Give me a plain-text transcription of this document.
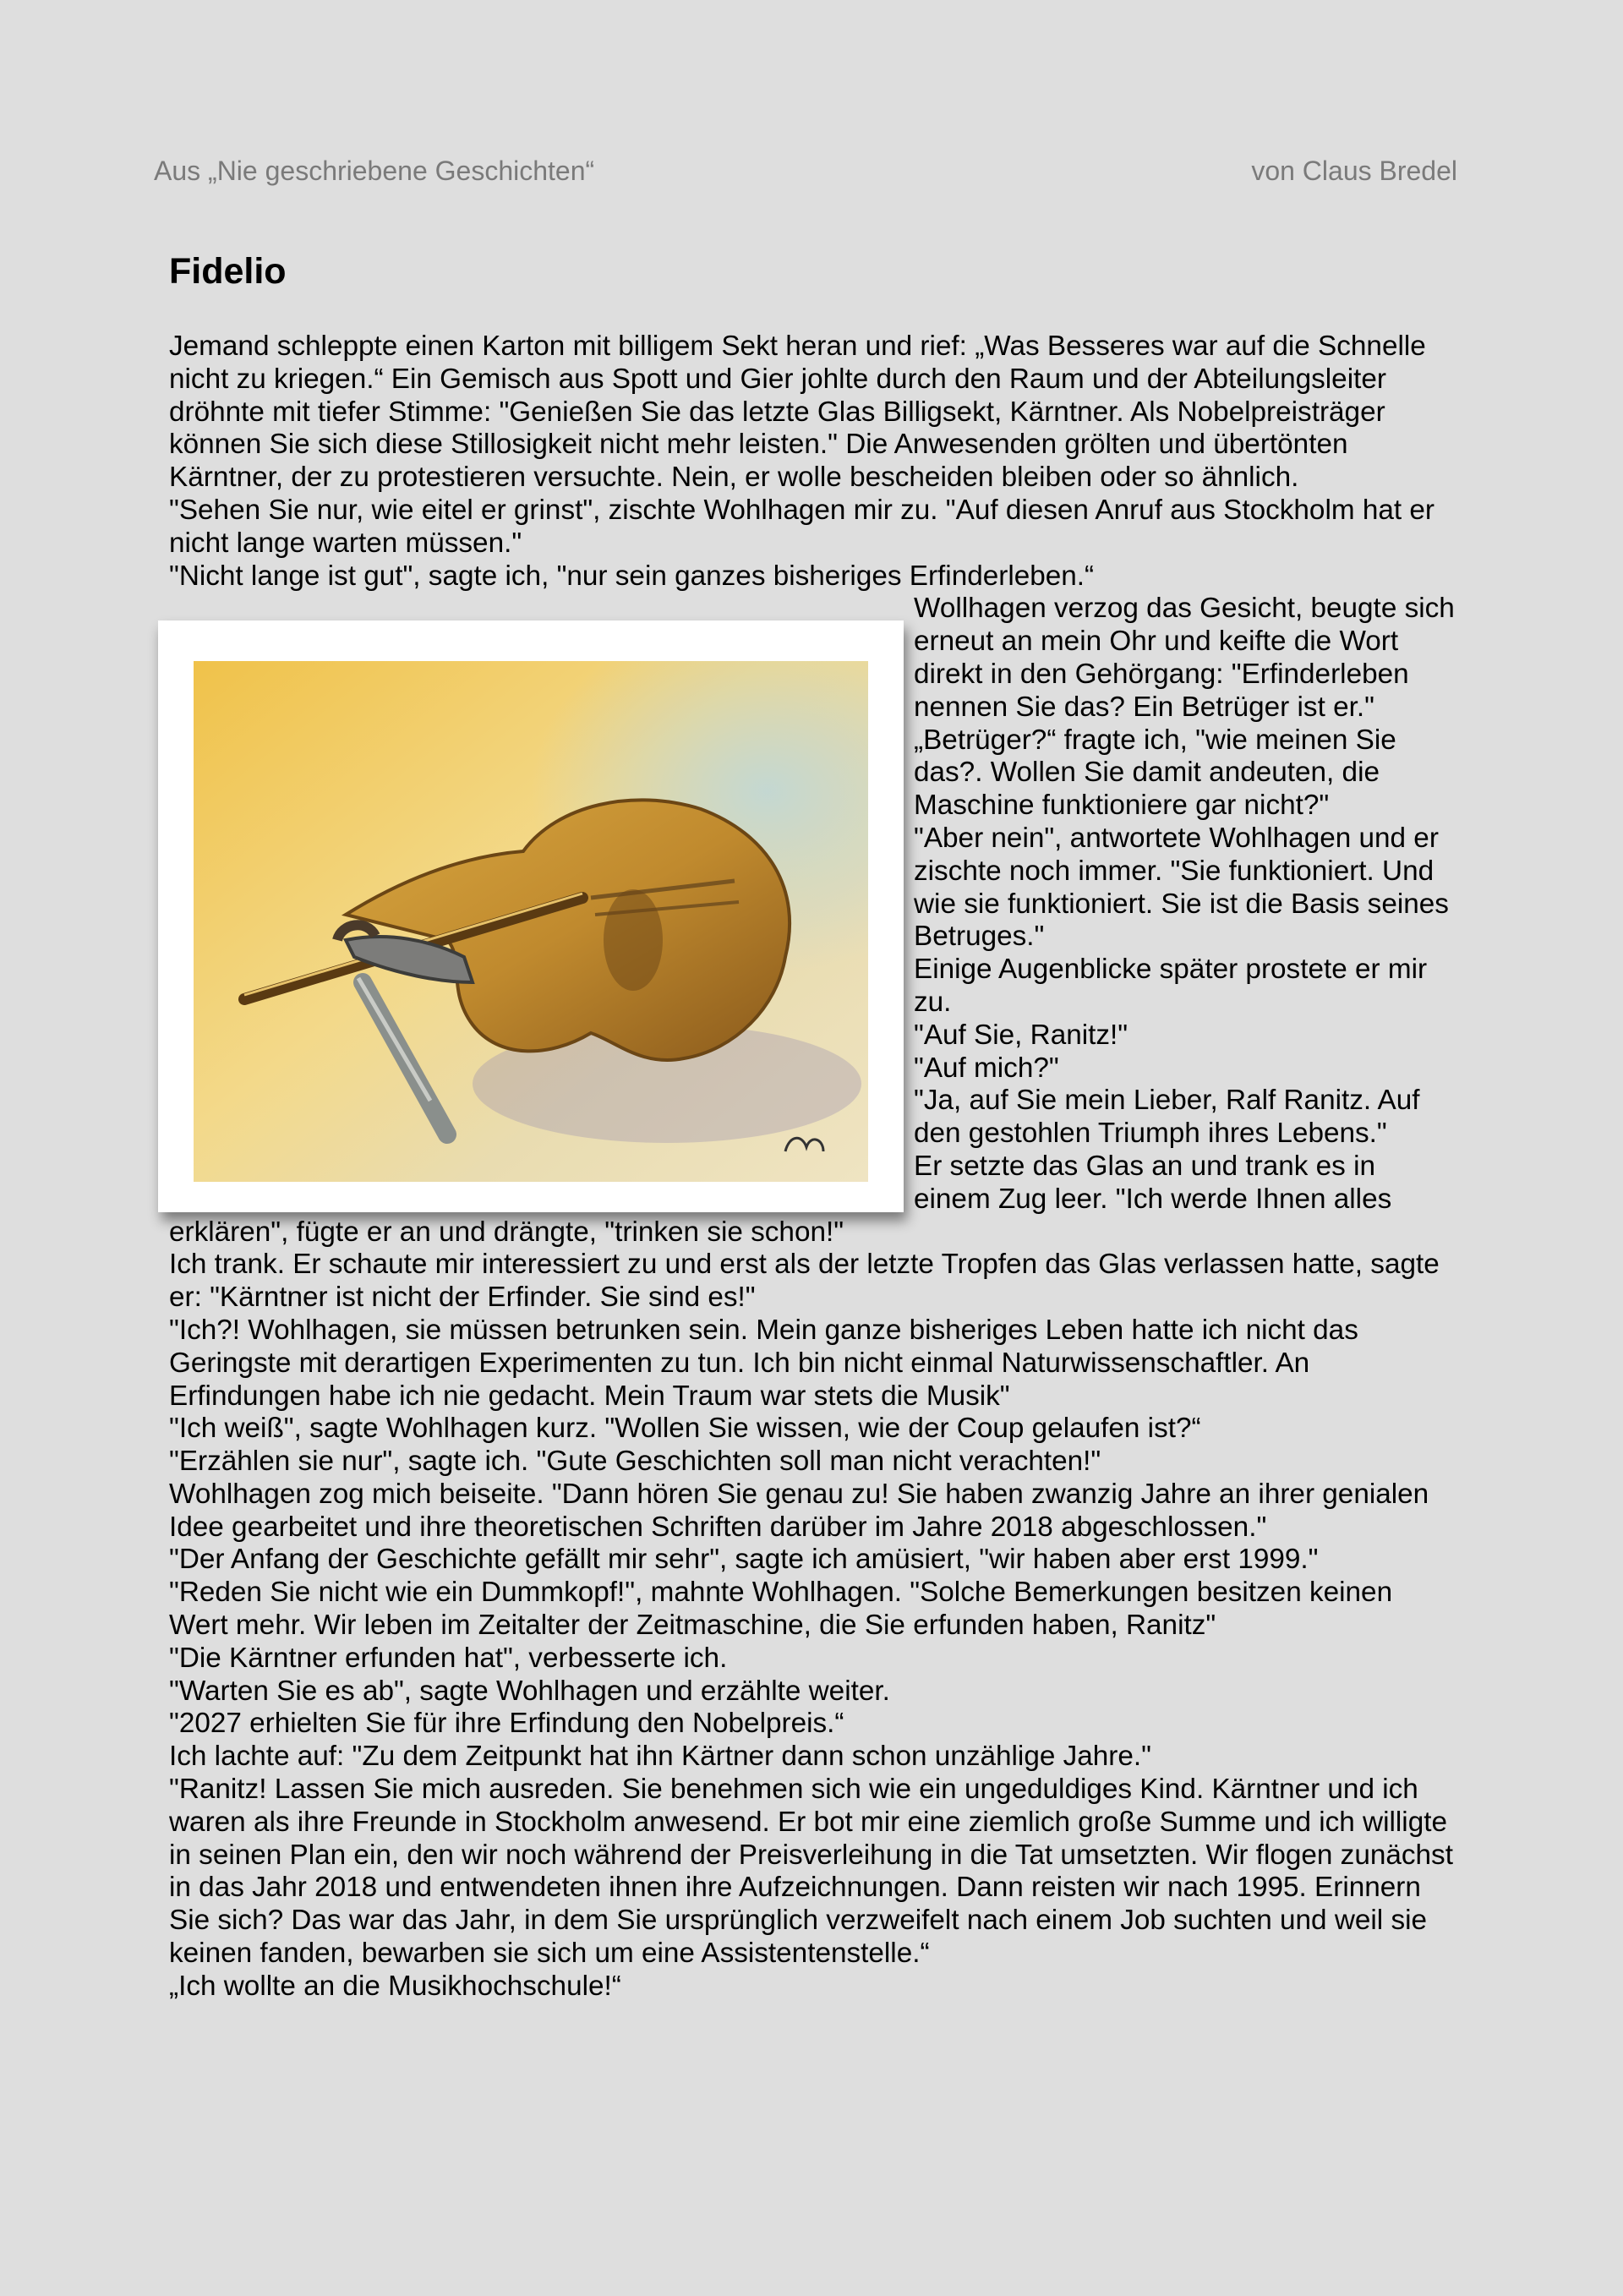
Aus „Nie geschriebene Geschichten“	von Claus Bredel
Fidelio

Jemand schleppte einen Karton mit billigem Sekt heran und rief: „Was Besseres war auf die Schnelle nicht zu kriegen.“ Ein Gemisch aus Spott und Gier johlte durch den Raum und der Abteilungsleiter dröhnte mit tiefer Stimme: "Genießen Sie das letzte Glas Billigsekt, Kärntner. Als Nobelpreisträger können Sie sich diese Stillosigkeit nicht mehr leisten." Die Anwesenden grölten und übertönten Kärntner, der zu protestieren versuchte. Nein, er wolle bescheiden bleiben oder so ähnlich.

"Sehen Sie nur, wie eitel er grinst", zischte Wohlhagen mir zu. "Auf diesen Anruf aus Stockholm hat er nicht lange warten müssen."

"Nicht lange ist gut", sagte ich, "nur sein ganzes bisheriges Erfinderleben.“

Wollhagen verzog das Gesicht, beugte sich erneut an mein Ohr und keifte die Wort direkt in den Gehörgang: "Erfinderleben nennen Sie das? Ein Betrüger ist er."

„Betrüger?“ fragte ich, "wie meinen Sie das?. Wollen Sie damit andeuten, die Maschine funktioniere gar nicht?"

"Aber nein", antwortete Wohlhagen und er zischte noch immer. "Sie funktioniert. Und wie sie funktioniert. Sie ist die Basis seines Betruges."

Einige Augenblicke später prostete er mir zu.

"Auf Sie, Ranitz!"

"Auf mich?"

"Ja, auf Sie mein Lieber, Ralf Ranitz. Auf den gestohlen Triumph ihres Lebens."

Er setzte das Glas an und trank es in einem Zug leer. "Ich werde Ihnen alles erklären", fügte er an und drängte, "trinken sie schon!"

Ich trank. Er schaute mir interessiert zu und erst als der letzte Tropfen das Glas verlassen hatte, sagte er: "Kärntner ist nicht der Erfinder. Sie sind es!"

"Ich?! Wohlhagen, sie müssen betrunken sein. Mein ganze bisheriges Leben hatte ich nicht das Geringste mit derartigen Experimenten zu tun. Ich bin nicht einmal Naturwissenschaftler. An Erfindungen habe ich nie gedacht. Mein Traum war stets die Musik"

"Ich weiß", sagte Wohlhagen kurz. "Wollen Sie wissen, wie der Coup gelaufen ist?“

"Erzählen sie nur", sagte ich. "Gute Geschichten soll man nicht verachten!"

Wohlhagen zog mich beiseite. "Dann hören Sie genau zu! Sie haben zwanzig Jahre an ihrer genialen Idee gearbeitet und ihre theoretischen Schriften darüber im Jahre 2018 abgeschlossen."

"Der Anfang der Geschichte gefällt mir sehr", sagte ich amüsiert, "wir haben aber erst 1999."

"Reden Sie nicht wie ein Dummkopf!", mahnte Wohlhagen. "Solche Bemerkungen besitzen keinen Wert mehr. Wir leben im Zeitalter der Zeitmaschine, die Sie erfunden haben, Ranitz"

"Die Kärntner erfunden hat", verbesserte ich.

"Warten Sie es ab", sagte Wohlhagen und erzählte weiter.

"2027 erhielten Sie für ihre Erfindung den Nobelpreis.“

Ich lachte auf: "Zu dem Zeitpunkt hat ihn Kärtner dann schon unzählige Jahre."

"Ranitz! Lassen Sie mich ausreden. Sie benehmen sich wie ein ungeduldiges Kind. Kärntner und ich waren als ihre Freunde in Stockholm anwesend. Er bot mir eine ziemlich große Summe und ich willigte in seinen Plan ein, den wir noch während der Preisverleihung in die Tat umsetzten. Wir flogen zunächst in das Jahr 2018 und entwendeten ihnen ihre Aufzeichnungen. Dann reisten wir nach 1995. Erinnern Sie sich? Das war das Jahr, in dem Sie ursprünglich verzweifelt nach einem Job suchten und weil sie keinen fanden, bewarben sie sich um eine Assistentenstelle.“

„Ich wollte an die Musikhochschule!“
